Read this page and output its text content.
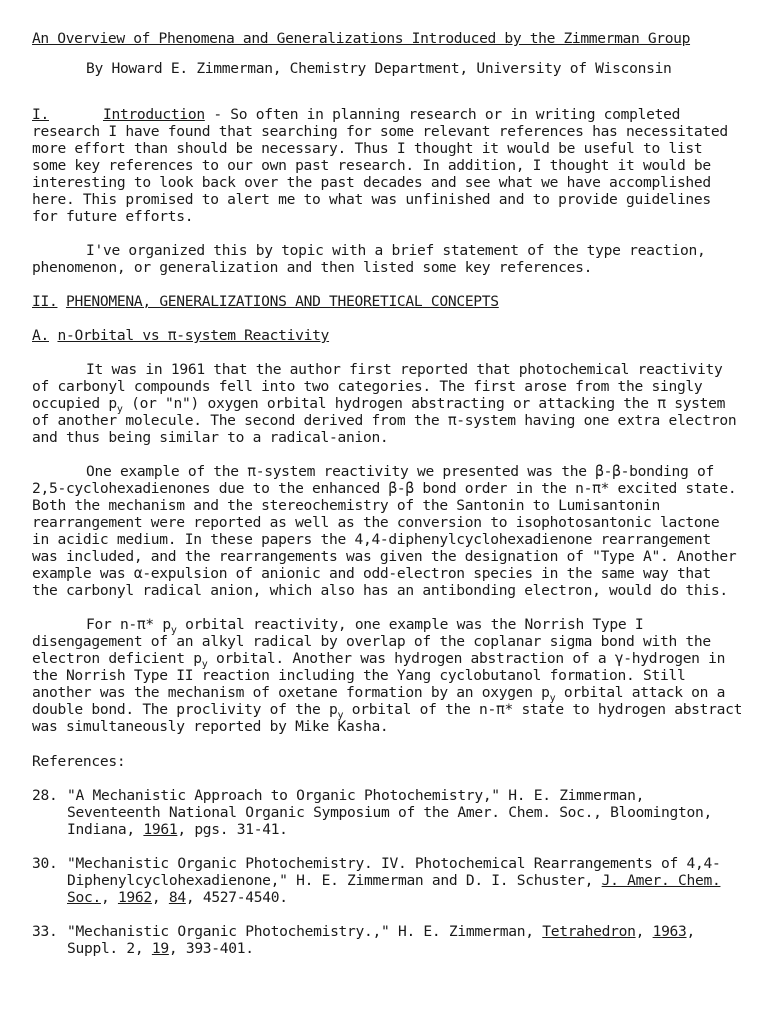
An Overview of Phenomena and Generalizations Introduced by the Zimmerman Group
By Howard E. Zimmerman, Chemistry Department, University of Wisconsin

I.	Introduction - So often in planning research or in writing completed research I have found that searching for some relevant references has necessitated more effort than should be necessary. Thus I thought it would be useful to list some key references to our own past research. In addition, I thought it would be interesting to look back over the past decades and see what we have accomplished here. This promised to alert me to what was unfinished and to provide guidelines for future efforts.

I've organized this by topic with a brief statement of the type reaction, phenomenon, or generalization and then listed some key references.

II. PHENOMENA, GENERALIZATIONS AND THEORETICAL CONCEPTS

A. n-Orbital vs π-system Reactivity

It was in 1961 that the author first reported that photochemical reactivity of carbonyl compounds fell into two categories. The first arose from the singly occupied $p_y$ (or "n") oxygen orbital hydrogen abstracting or attacking the π system of another molecule. The second derived from the π-system having one extra electron and thus being similar to a radical-anion.

One example of the π-system reactivity we presented was the β-β-bonding of 2,5-cyclohexadienones due to the enhanced β-β bond order in the n-π* excited state. Both the mechanism and the stereochemistry of the Santonin to Lumisantonin rearrangement were reported as well as the conversion to isophotosantonic lactone in acidic medium. In these papers the 4,4-diphenylcyclohexadienone rearrangement was included, and the rearrangements was given the designation of "Type A". Another example was α-expulsion of anionic and odd-electron species in the same way that the carbonyl radical anion, which also has an antibonding electron, would do this.

For n-π* $p_y$ orbital reactivity, one example was the Norrish Type I disengagement of an alkyl radical by overlap of the coplanar sigma bond with the electron deficient $p_y$ orbital. Another was hydrogen abstraction of a γ-hydrogen in the Norrish Type II reaction including the Yang cyclobutanol formation. Still another was the mechanism of oxetane formation by an oxygen $p_y$ orbital attack on a double bond. The proclivity of the $p_y$ orbital of the n-π* state to hydrogen abstract was simultaneously reported by Mike Kasha.

References:

28. "A Mechanistic Approach to Organic Photochemistry," H. E. Zimmerman, Seventeenth National Organic Symposium of the Amer. Chem. Soc., Bloomington, Indiana, 1961, pgs. 31-41.
30. "Mechanistic Organic Photochemistry. IV. Photochemical Rearrangements of 4,4-Diphenylcyclohexadienone," H. E. Zimmerman and D. I. Schuster, J. Amer. Chem. Soc., 1962, 84, 4527-4540.
33. "Mechanistic Organic Photochemistry.," H. E. Zimmerman, Tetrahedron, 1963, Suppl. 2, 19, 393-401.
